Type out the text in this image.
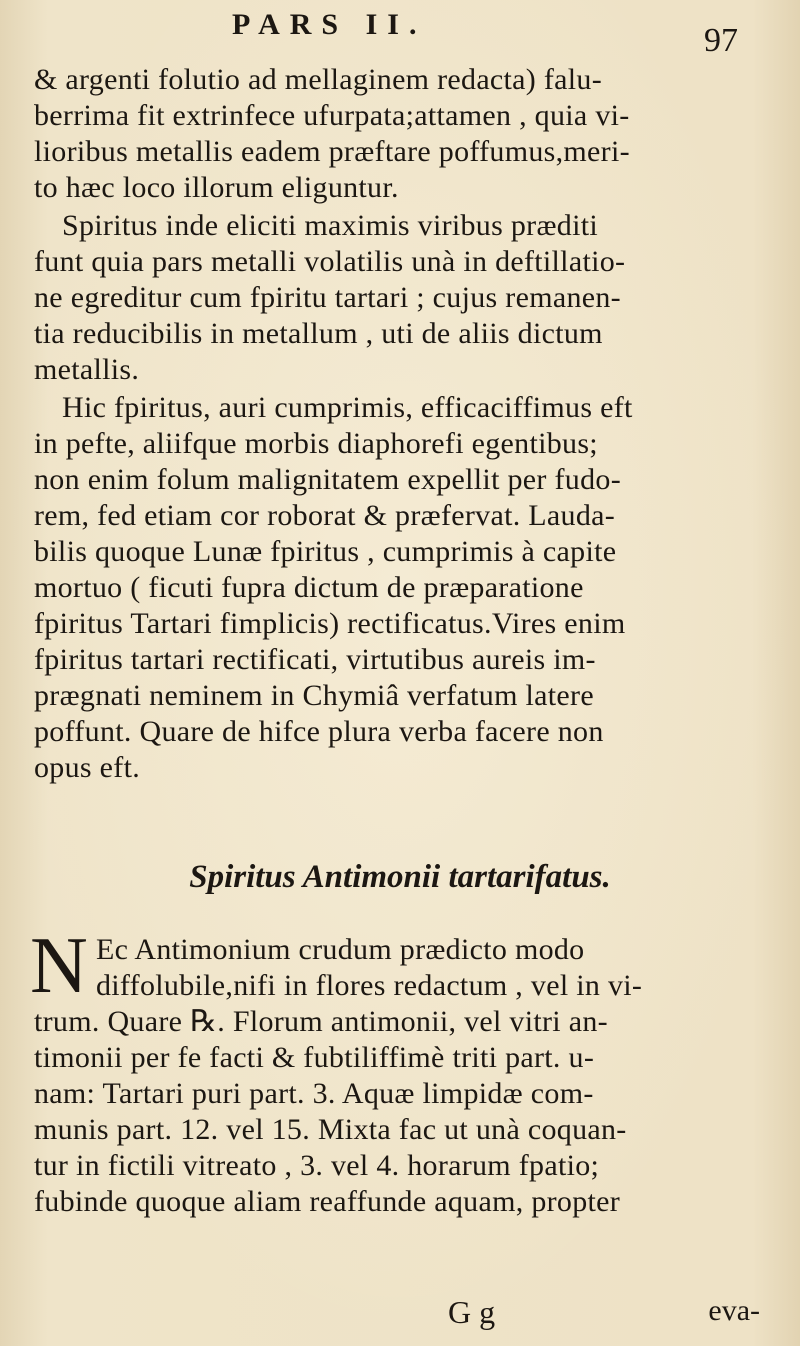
PARS II.	97
& argenti folutio ad mellaginem redacta) falu-
berrima fit extrinfece ufurpata;attamen , quia vi-
lioribus metallis eadem præftare poffumus,meri-
to hæc loco illorum eliguntur.
Spiritus inde eliciti maximis viribus præditi
funt quia pars metalli volatilis unà in deftillatio-
ne egreditur cum fpiritu tartari ; cujus remanen-
tia reducibilis in metallum , uti de aliis dictum
metallis.
Hic fpiritus, auri cumprimis, efficaciffimus eft
in pefte, aliifque morbis diaphorefi egentibus;
non enim folum malignitatem expellit per fudo-
rem, fed etiam cor roborat & præfervat. Lauda-
bilis quoque Lunæ fpiritus , cumprimis à capite
mortuo ( ficuti fupra dictum de præparatione
fpiritus Tartari fimplicis) rectificatus.Vires enim
fpiritus tartari rectificati, virtutibus aureis im-
prægnati neminem in Chymiâ verfatum latere
poffunt. Quare de hifce plura verba facere non
opus eft.
Spiritus Antimonii tartarifatus.
N Ec Antimonium crudum prædicto modo
diffolubile,nifi in flores redactum , vel in vi-
trum. Quare ℞. Florum antimonii, vel vitri an-
timonii per fe facti & fubtiliffimè triti part. u-
nam: Tartari puri part. 3. Aquæ limpidæ com-
munis part. 12. vel 15. Mixta fac ut unà coquan-
tur in fictili vitreato , 3. vel 4. horarum fpatio;
fubinde quoque aliam reaffunde aquam, propter
G g	eva-
